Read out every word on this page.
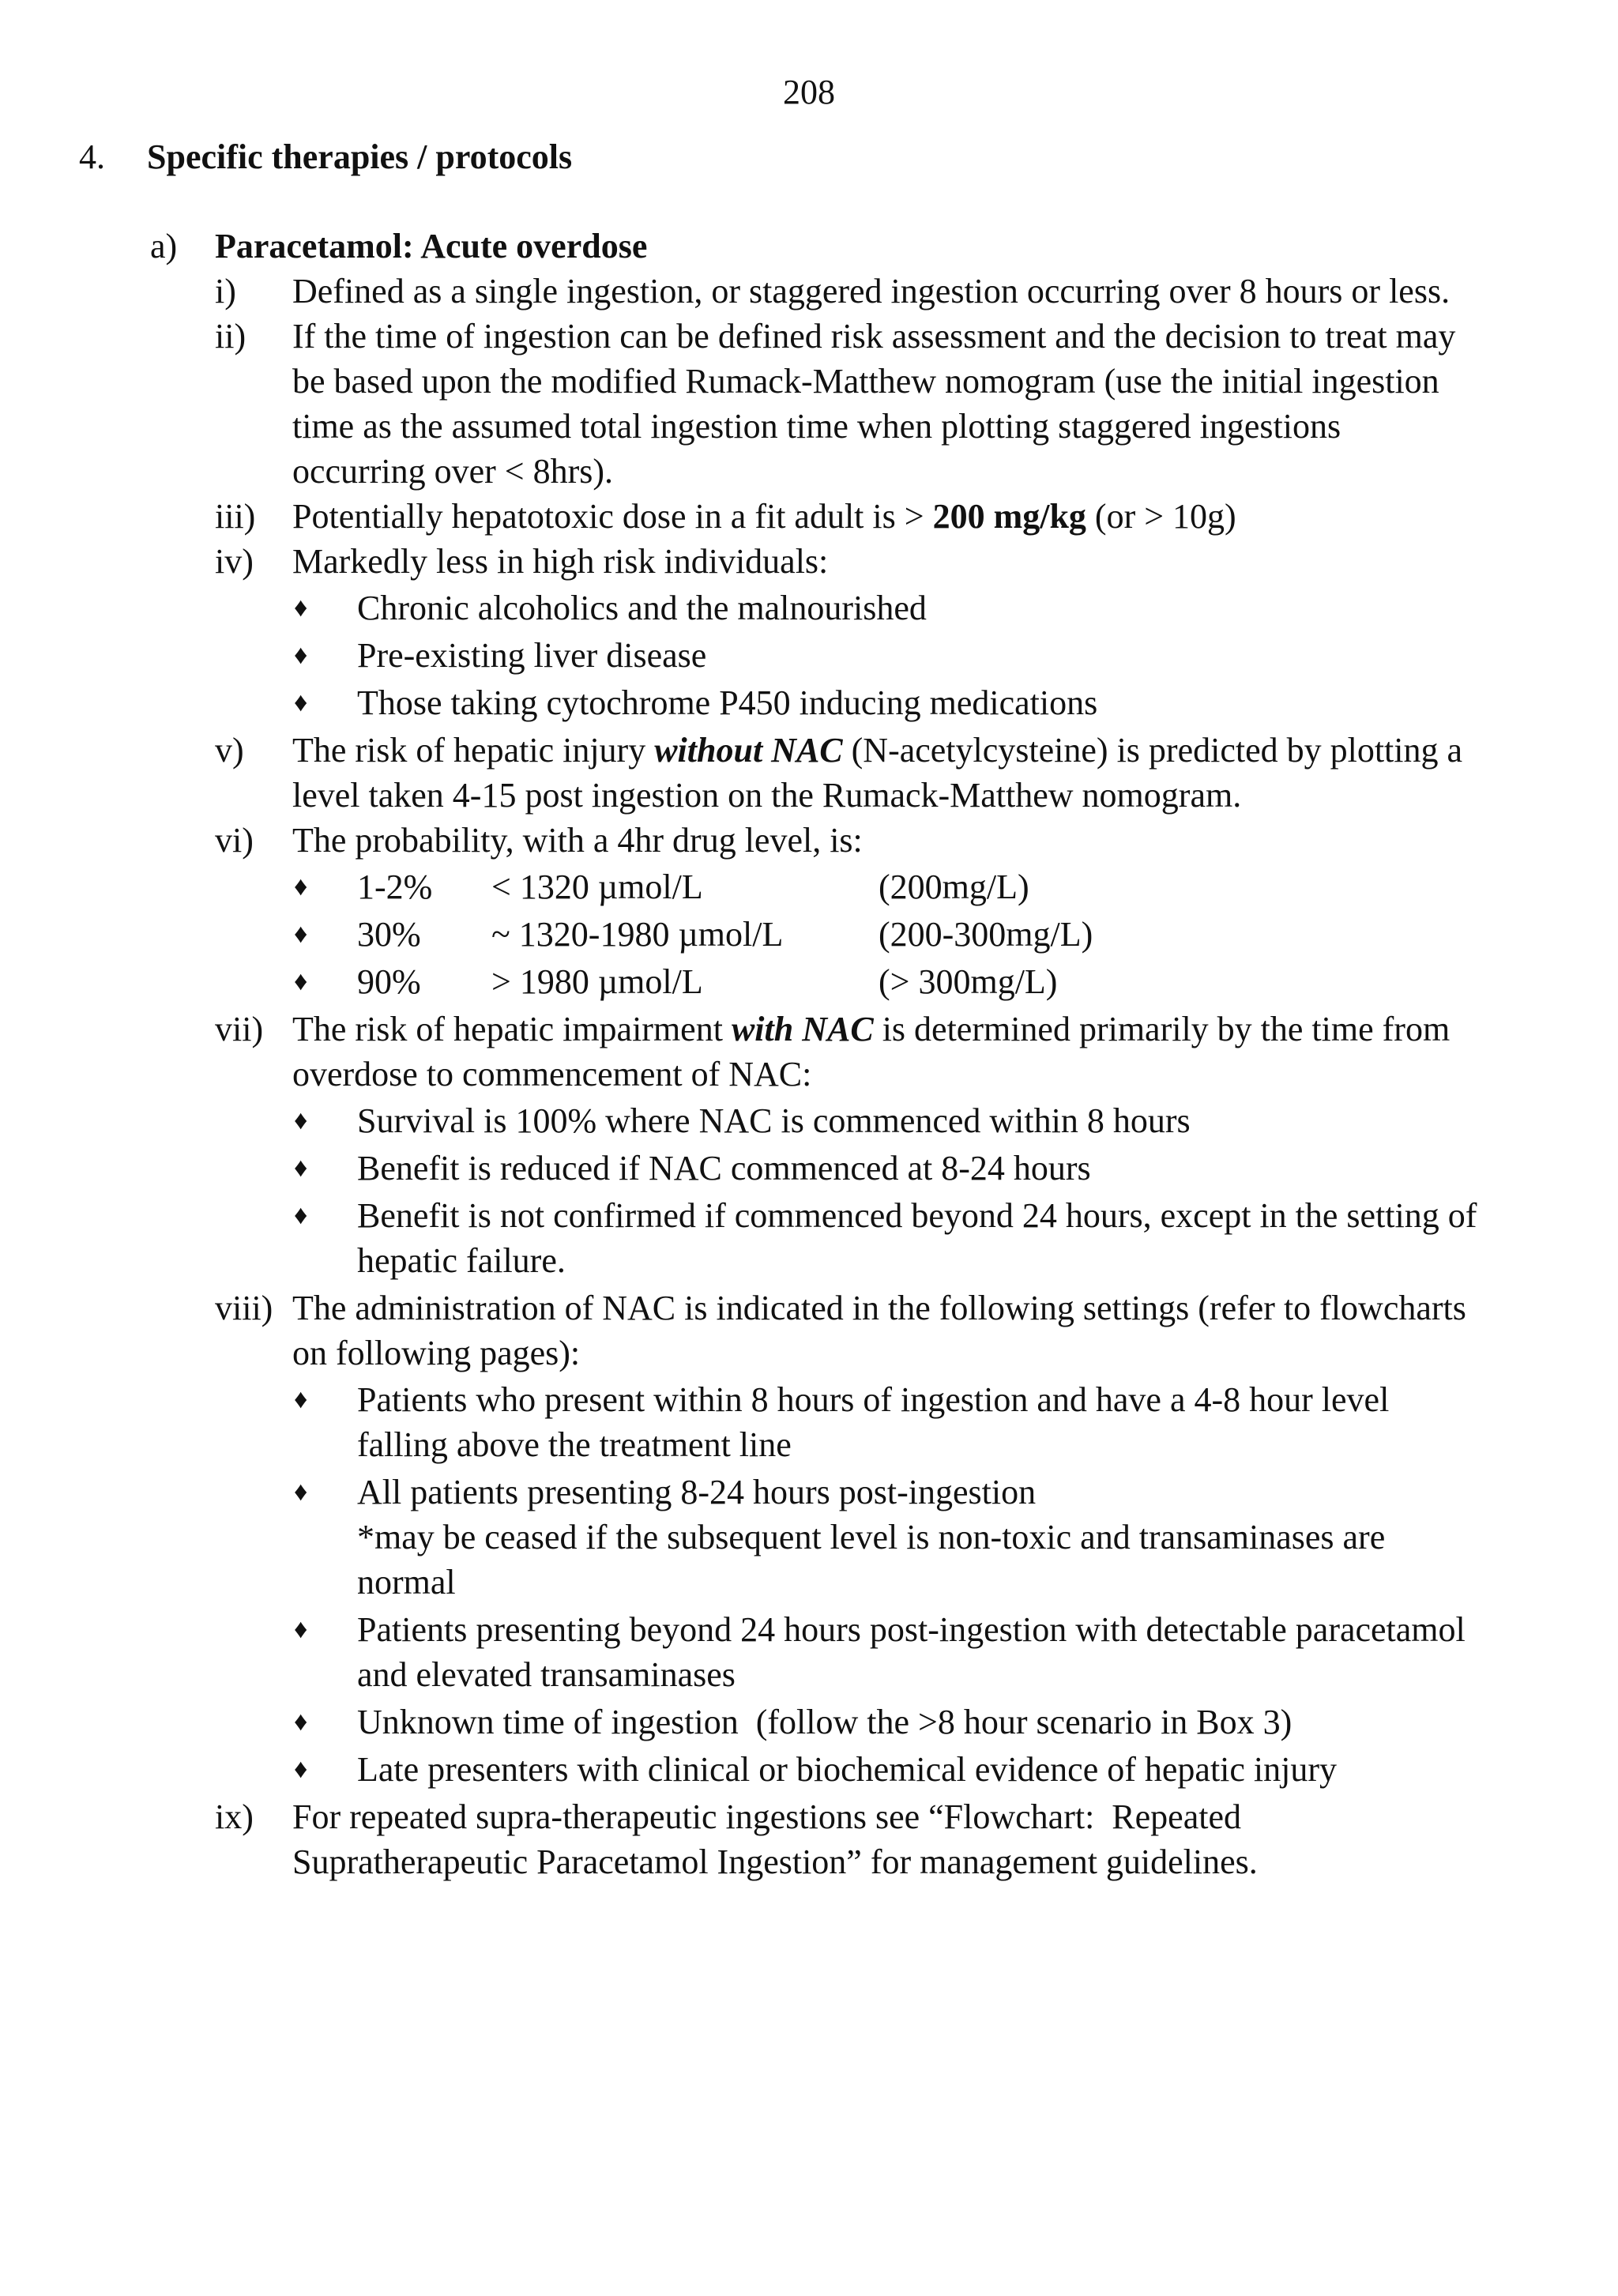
208
4. Specific therapies / protocols
a) Paracetamol: Acute overdose
i) Defined as a single ingestion, or staggered ingestion occurring over 8 hours or less.
ii) If the time of ingestion can be defined risk assessment and the decision to treat may be based upon the modified Rumack-Matthew nomogram (use the initial ingestion time as the assumed total ingestion time when plotting staggered ingestions occurring over < 8hrs).
iii) Potentially hepatotoxic dose in a fit adult is > 200 mg/kg (or > 10g)
iv) Markedly less in high risk individuals:
♦ Chronic alcoholics and the malnourished
♦ Pre-existing liver disease
♦ Those taking cytochrome P450 inducing medications
v) The risk of hepatic injury without NAC (N-acetylcysteine) is predicted by plotting a level taken 4-15 post ingestion on the Rumack-Matthew nomogram.
vi) The probability, with a 4hr drug level, is:
♦ 1-2%	< 1320 µmol/L	(200mg/L)
♦ 30%	~ 1320-1980 µmol/L	(200-300mg/L)
♦ 90%	> 1980 µmol/L	(> 300mg/L)
vii) The risk of hepatic impairment with NAC is determined primarily by the time from overdose to commencement of NAC:
♦ Survival is 100% where NAC is commenced within 8 hours
♦ Benefit is reduced if NAC commenced at 8-24 hours
♦ Benefit is not confirmed if commenced beyond 24 hours, except in the setting of hepatic failure.
viii) The administration of NAC is indicated in the following settings (refer to flowcharts on following pages):
♦ Patients who present within 8 hours of ingestion and have a 4-8 hour level falling above the treatment line
♦ All patients presenting 8-24 hours post-ingestion
*may be ceased if the subsequent level is non-toxic and transaminases are normal
♦ Patients presenting beyond 24 hours post-ingestion with detectable paracetamol and elevated transaminases
♦ Unknown time of ingestion  (follow the >8 hour scenario in Box 3)
♦ Late presenters with clinical or biochemical evidence of hepatic injury
ix) For repeated supra-therapeutic ingestions see “Flowchart:  Repeated Supratherapeutic Paracetamol Ingestion” for management guidelines.
